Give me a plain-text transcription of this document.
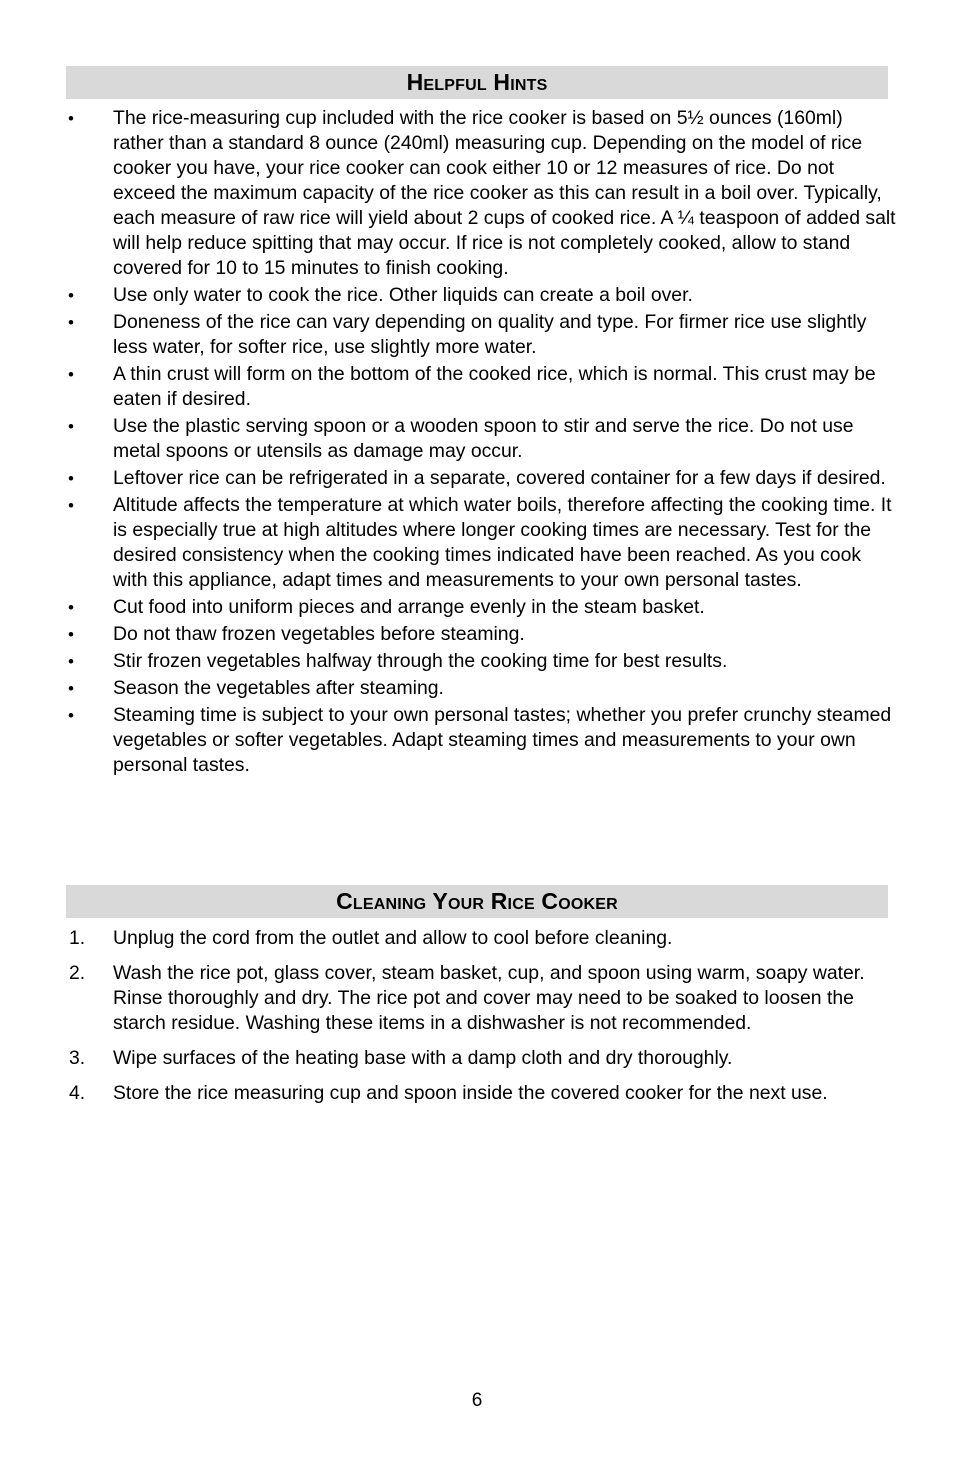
Helpful Hints
• The rice-measuring cup included with the rice cooker is based on 5½ ounces (160ml) rather than a standard 8 ounce (240ml) measuring cup. Depending on the model of rice cooker you have, your rice cooker can cook either 10 or 12 measures of rice. Do not exceed the maximum capacity of the rice cooker as this can result in a boil over. Typically, each measure of raw rice will yield about 2 cups of cooked rice. A ¼ teaspoon of added salt will help reduce spitting that may occur. If rice is not completely cooked, allow to stand covered for 10 to 15 minutes to finish cooking.
• Use only water to cook the rice. Other liquids can create a boil over.
• Doneness of the rice can vary depending on quality and type. For firmer rice use slightly less water, for softer rice, use slightly more water.
• A thin crust will form on the bottom of the cooked rice, which is normal. This crust may be eaten if desired.
• Use the plastic serving spoon or a wooden spoon to stir and serve the rice. Do not use metal spoons or utensils as damage may occur.
• Leftover rice can be refrigerated in a separate, covered container for a few days if desired.
• Altitude affects the temperature at which water boils, therefore affecting the cooking time. It is especially true at high altitudes where longer cooking times are necessary. Test for the desired consistency when the cooking times indicated have been reached. As you cook with this appliance, adapt times and measurements to your own personal tastes.
• Cut food into uniform pieces and arrange evenly in the steam basket.
• Do not thaw frozen vegetables before steaming.
• Stir frozen vegetables halfway through the cooking time for best results.
• Season the vegetables after steaming.
• Steaming time is subject to your own personal tastes; whether you prefer crunchy steamed vegetables or softer vegetables. Adapt steaming times and measurements to your own personal tastes.
Cleaning Your Rice Cooker
1. Unplug the cord from the outlet and allow to cool before cleaning.
2. Wash the rice pot, glass cover, steam basket, cup, and spoon using warm, soapy water. Rinse thoroughly and dry. The rice pot and cover may need to be soaked to loosen the starch residue. Washing these items in a dishwasher is not recommended.
3. Wipe surfaces of the heating base with a damp cloth and dry thoroughly.
4. Store the rice measuring cup and spoon inside the covered cooker for the next use.
6
